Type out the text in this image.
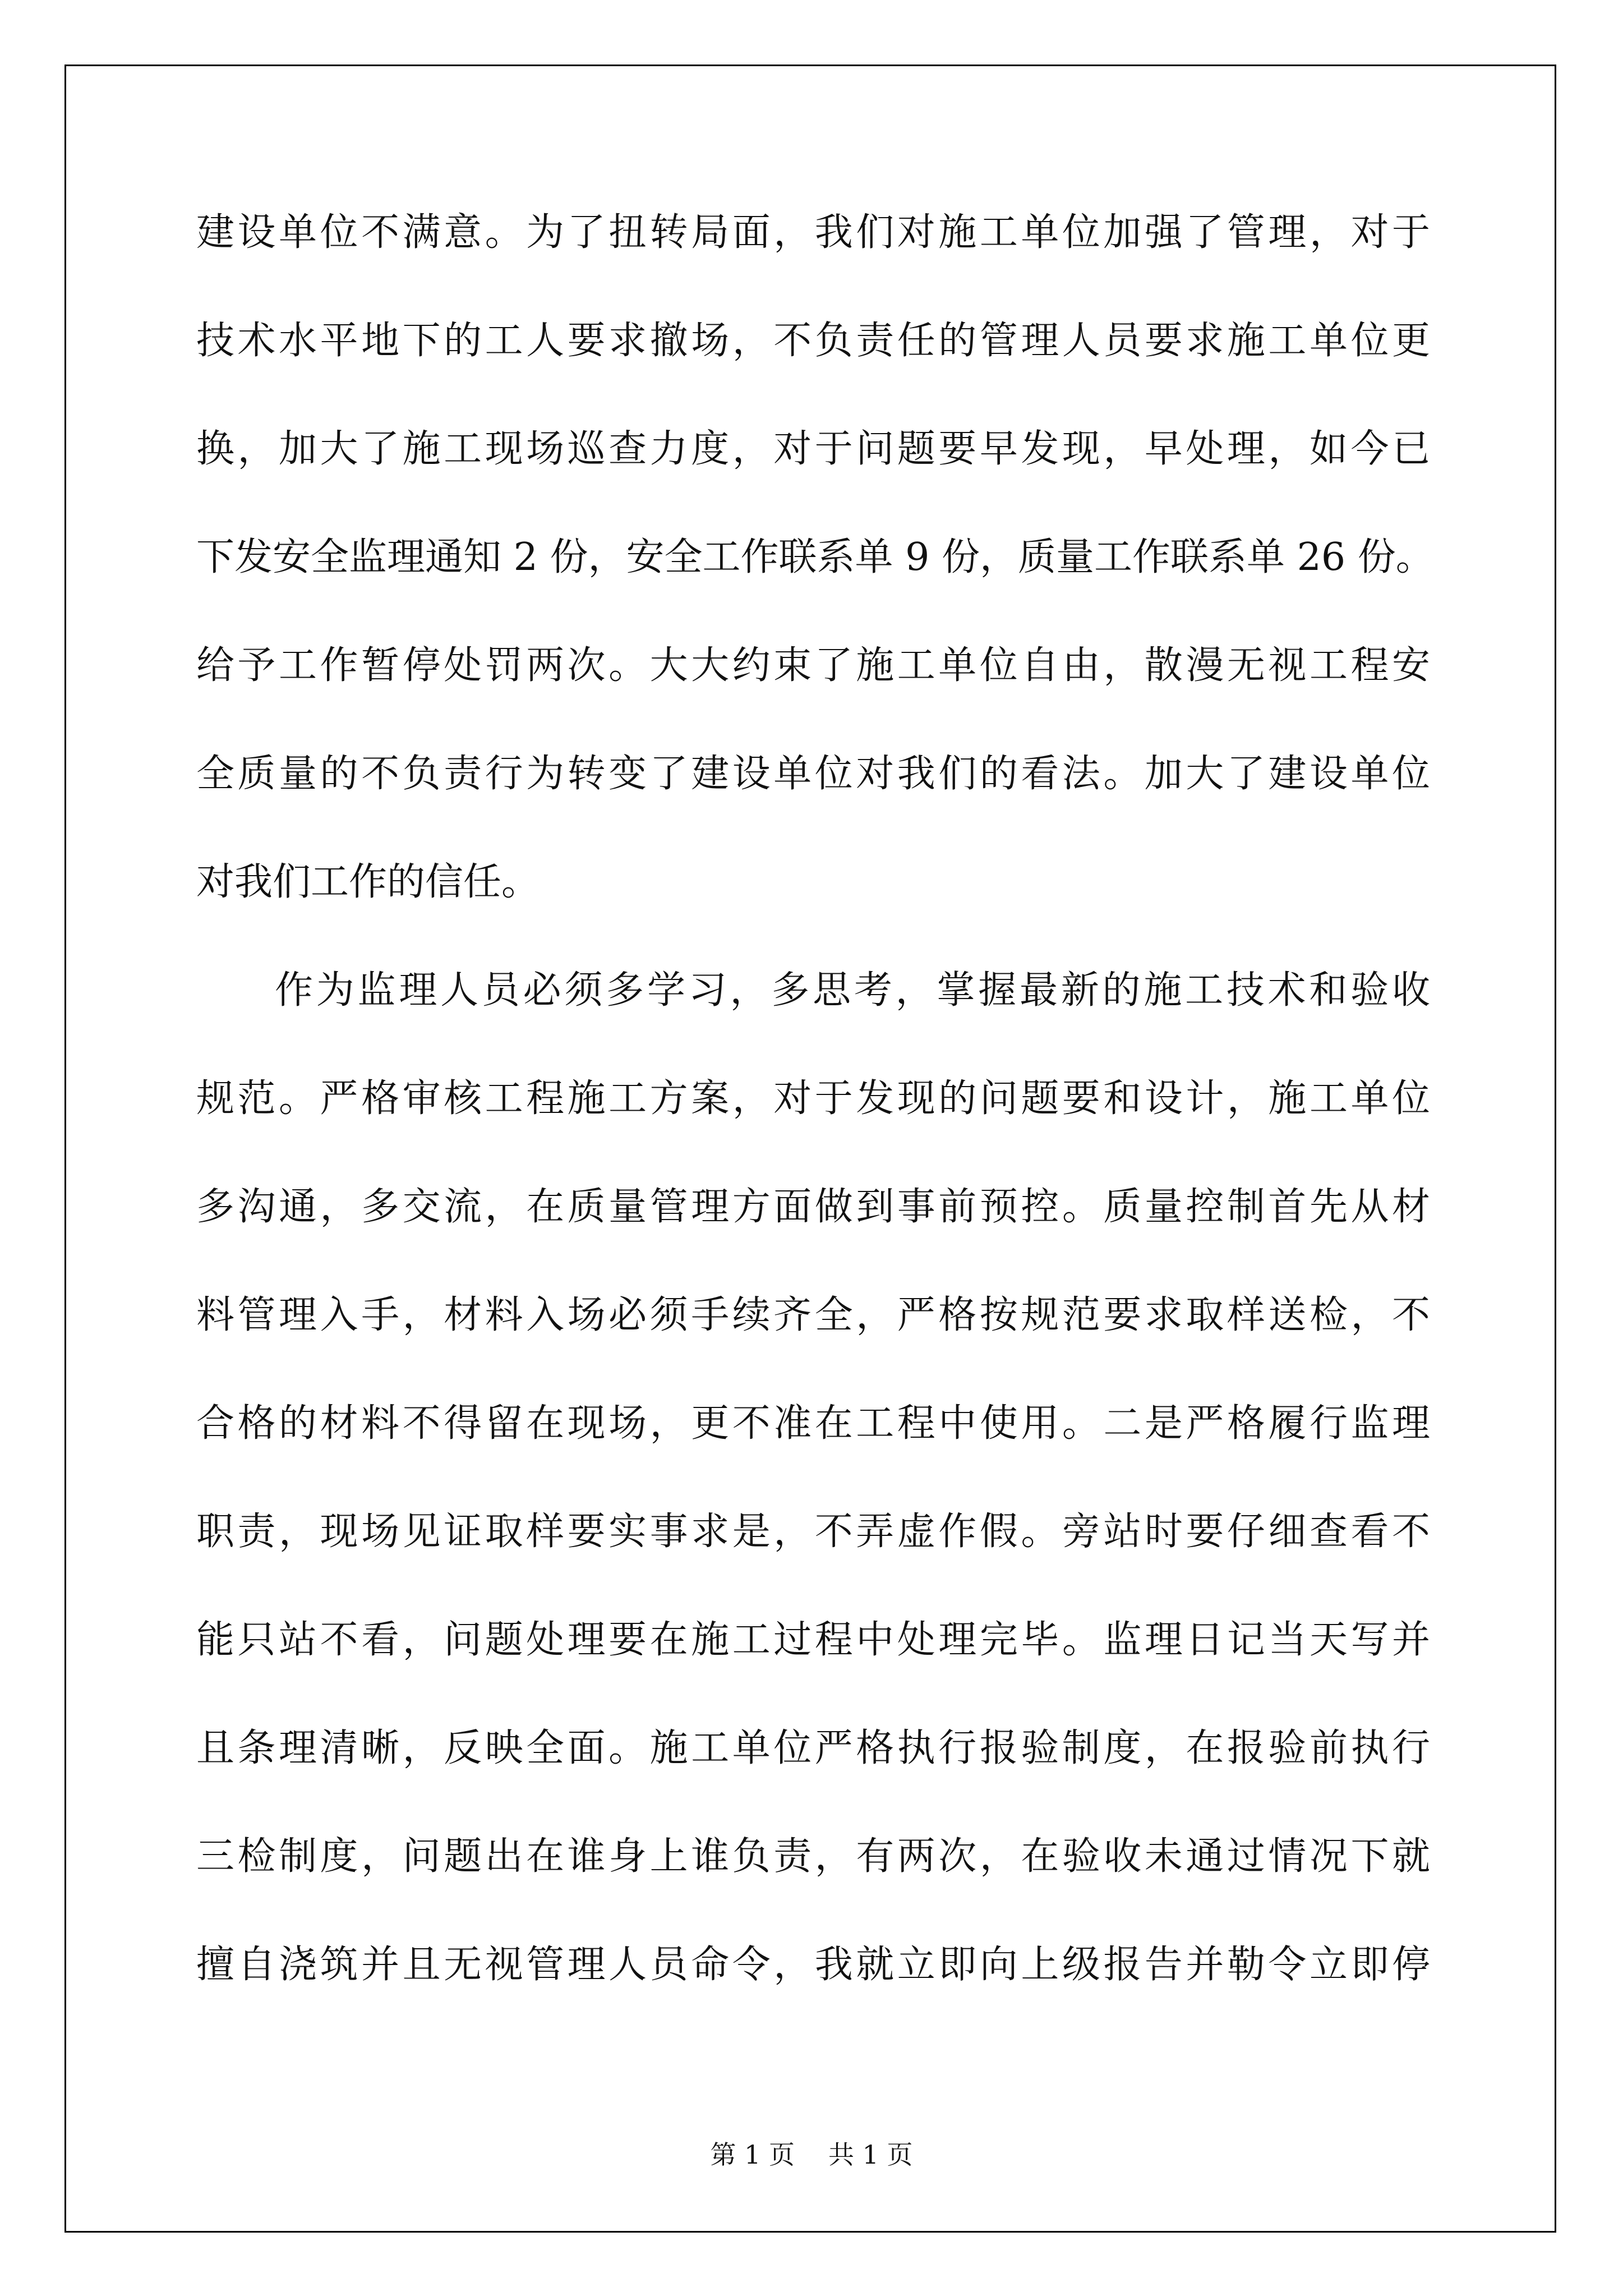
建设单位不满意。为了扭转局面，我们对施工单位加强了管理，对于
技术水平地下的工人要求撤场，不负责任的管理人员要求施工单位更
换，加大了施工现场巡查力度，对于问题要早发现，早处理，如今已
下发安全监理通知 2 份，安全工作联系单 9 份，质量工作联系单 26 份。
给予工作暂停处罚两次。大大约束了施工单位自由，散漫无视工程安
全质量的不负责行为转变了建设单位对我们的看法。加大了建设单位
对我们工作的信任。
作为监理人员必须多学习，多思考，掌握最新的施工技术和验收
规范。严格审核工程施工方案，对于发现的问题要和设计，施工单位
多沟通，多交流，在质量管理方面做到事前预控。质量控制首先从材
料管理入手，材料入场必须手续齐全，严格按规范要求取样送检，不
合格的材料不得留在现场，更不准在工程中使用。二是严格履行监理
职责，现场见证取样要实事求是，不弄虚作假。旁站时要仔细查看不
能只站不看，问题处理要在施工过程中处理完毕。监理日记当天写并
且条理清晰，反映全面。施工单位严格执行报验制度，在报验前执行
三检制度，问题出在谁身上谁负责，有两次，在验收未通过情况下就
擅自浇筑并且无视管理人员命令，我就立即向上级报告并勒令立即停
第 1 页 共 1 页
